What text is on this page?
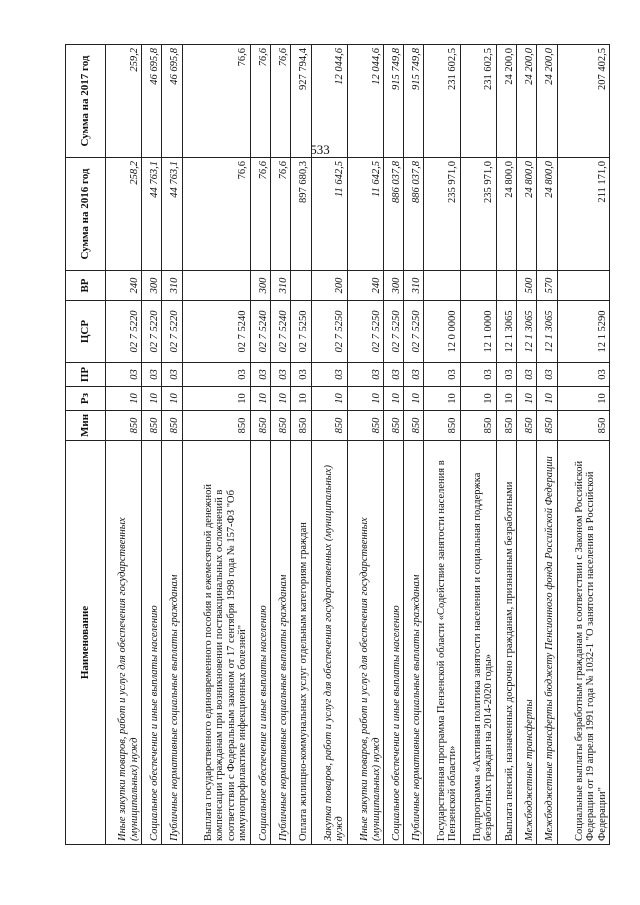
533
Наименование	Мин	Рз	ПР	ЦСР	ВР	Сумма на 2016 год	Сумма на 2017 год
Иные закупки товаров, работ и услуг для обеспечения государственных (муниципальных) нужд	850	10	03	02 7 5220	240	258,2	259,2
Социальное обеспечение и иные выплаты населению	850	10	03	02 7 5220	300	44 763,1	46 695,8
Публичные нормативные социальные выплаты гражданам	850	10	03	02 7 5220	310	44 763,1	46 695,8
Выплата государственного единовременного пособия и ежемесячной денежной компенсации гражданам при возникновении поствакцинальных осложнений в соответствии с Федеральным законом от 17 сентября 1998 года № 157-ФЗ "Об иммунопрофилактике инфекционных болезней"	850	10	03	02 7 5240		76,6	76,6
Социальное обеспечение и иные выплаты населению	850	10	03	02 7 5240	300	76,6	76,6
Публичные нормативные социальные выплаты гражданам	850	10	03	02 7 5240	310	76,6	76,6
Оплата жилищно-коммунальных услуг отдельным категориям граждан	850	10	03	02 7 5250		897 680,3	927 794,4
Закупка товаров, работ и услуг для обеспечения государственных (муниципальных) нужд	850	10	03	02 7 5250	200	11 642,5	12 044,6
Иные закупки товаров, работ и услуг для обеспечения государственных (муниципальных) нужд	850	10	03	02 7 5250	240	11 642,5	12 044,6
Социальное обеспечение и иные выплаты населению	850	10	03	02 7 5250	300	886 037,8	915 749,8
Публичные нормативные социальные выплаты гражданам	850	10	03	02 7 5250	310	886 037,8	915 749,8
Государственная программа Пензенской области «Содействие занятости населения в Пензенской области»	850	10	03	12 0 0000		235 971,0	231 602,5
Подпрограмма «Активная политика занятости населения и социальная поддержка безработных граждан на 2014-2020 годы»	850	10	03	12 1 0000		235 971,0	231 602,5
Выплата пенсий, назначенных досрочно гражданам, признанным безработными	850	10	03	12 1 3065		24 800,0	24 200,0
Межбюджетные трансферты	850	10	03	12 1 3065	500	24 800,0	24 200,0
Межбюджетные трансферты бюджету Пенсионного фонда Российской Федерации	850	10	03	12 1 3065	570	24 800,0	24 200,0
Социальные выплаты безработным гражданам в соответствии с Законом Российской Федерации от 19 апреля 1991 года № 1032-1 "О занятости населения в Российской Федерации"	850	10	03	12 1 5290		211 171,0	207 402,5
